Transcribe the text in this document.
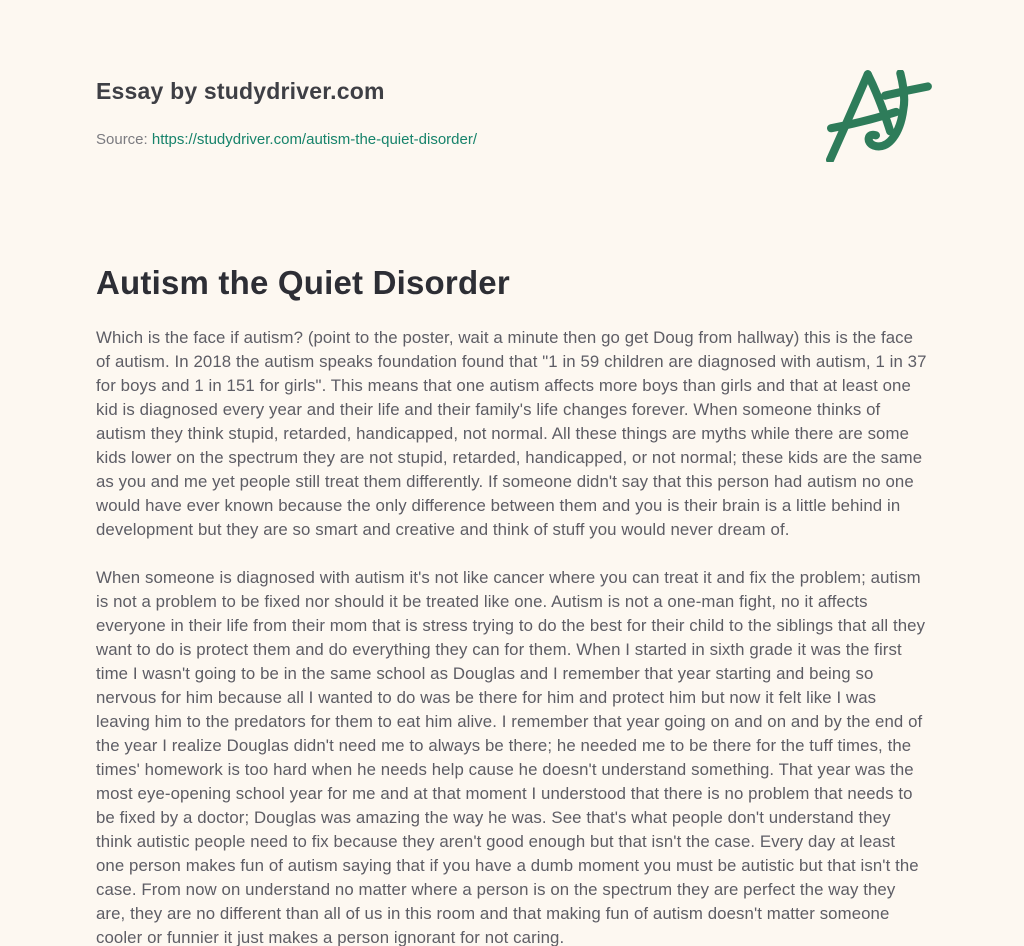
Essay by studydriver.com
Source: https://studydriver.com/autism-the-quiet-disorder/
Autism the Quiet Disorder

Which is the face if autism? (point to the poster, wait a minute then go get Doug from hallway) this is the face of autism. In 2018 the autism speaks foundation found that "1 in 59 children are diagnosed with autism, 1 in 37 for boys and 1 in 151 for girls". This means that one autism affects more boys than girls and that at least one kid is diagnosed every year and their life and their family's life changes forever. When someone thinks of autism they think stupid, retarded, handicapped, not normal. All these things are myths while there are some kids lower on the spectrum they are not stupid, retarded, handicapped, or not normal; these kids are the same as you and me yet people still treat them differently. If someone didn't say that this person had autism no one would have ever known because the only difference between them and you is their brain is a little behind in development but they are so smart and creative and think of stuff you would never dream of.

When someone is diagnosed with autism it's not like cancer where you can treat it and fix the problem; autism is not a problem to be fixed nor should it be treated like one. Autism is not a one-man fight, no it affects everyone in their life from their mom that is stress trying to do the best for their child to the siblings that all they want to do is protect them and do everything they can for them. When I started in sixth grade it was the first time I wasn't going to be in the same school as Douglas and I remember that year starting and being so nervous for him because all I wanted to do was be there for him and protect him but now it felt like I was leaving him to the predators for them to eat him alive. I remember that year going on and on and by the end of the year I realize Douglas didn't need me to always be there; he needed me to be there for the tuff times, the times' homework is too hard when he needs help cause he doesn't understand something. That year was the most eye-opening school year for me and at that moment I understood that there is no problem that needs to be fixed by a doctor; Douglas was amazing the way he was. See that's what people don't understand they think autistic people need to fix because they aren't good enough but that isn't the case. Every day at least one person makes fun of autism saying that if you have a dumb moment you must be autistic but that isn't the case. From now on understand no matter where a person is on the spectrum they are perfect the way they are, they are no different than all of us in this room and that making fun of autism doesn't matter someone cooler or funnier it just makes a person ignorant for not caring.
